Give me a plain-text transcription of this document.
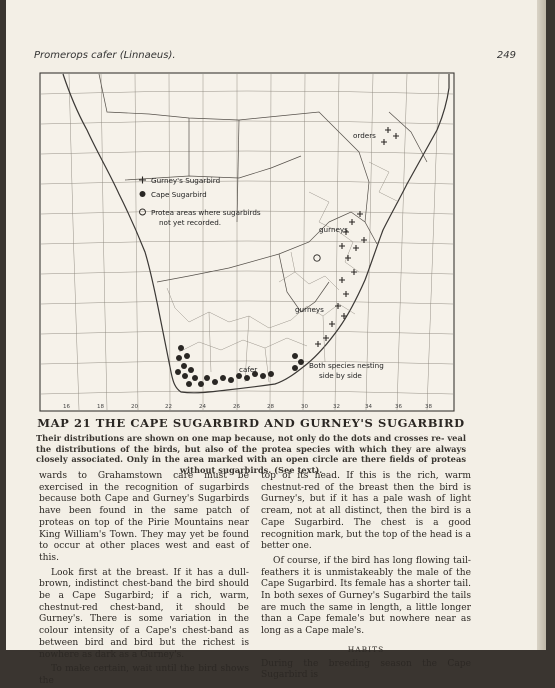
Promerops cafer (Linnaeus).	249
Gurney's Sugarbird
Cape Sugarbird
Protea areas where sugarbirds
not yet recorded.
orders
gurneys
gurneys
cafer	Both species nesting
side by side
16	18	20	22	24	26	28	30	32	34	36	38
MAP 21 THE CAPE SUGARBIRD AND GURNEY'S SUGARBIRD
Their distributions are shown on one map because, not only do the dots and crosses re- veal the distributions of the birds, but also of the protea species with which they are always closely associated. Only in the area marked with an open circle are there fields of proteas without sugarbirds. (See text).

wards to Grahamstown care must be exercised in the recognition of sugarbirds because both Cape and Gurney's Sugarbirds have been found in the same patch of proteas on top of the Pirie Mountains near King William's Town. They may yet be found to occur at other places west and east of this.

Look first at the breast. If it has a dull-brown, indistinct chest-band the bird should be a Cape Sugarbird; if a rich, warm, chestnut-red chest-band, it should be Gurney's. There is some variation in the colour intensity of a Cape's chest-band as between bird and bird but the richest is nowhere as dark as a Gurney's.

To make certain, wait until the bird shows the

top of its head. If this is the rich, warm chestnut-red of the breast then the bird is Gurney's, but if it has a pale wash of light cream, not at all distinct, then the bird is a Cape Sugarbird. The chest is a good recognition mark, but the top of the head is a better one.

Of course, if the bird has long flowing tail-feathers it is unmistakeably the male of the Cape Sugarbird. Its female has a shorter tail. In both sexes of Gurney's Sugarbird the tails are much the same in length, a little longer than a Cape female's but nowhere near as long as a Cape male's.

HABITS

During the breeding season the Cape Sugarbird is
